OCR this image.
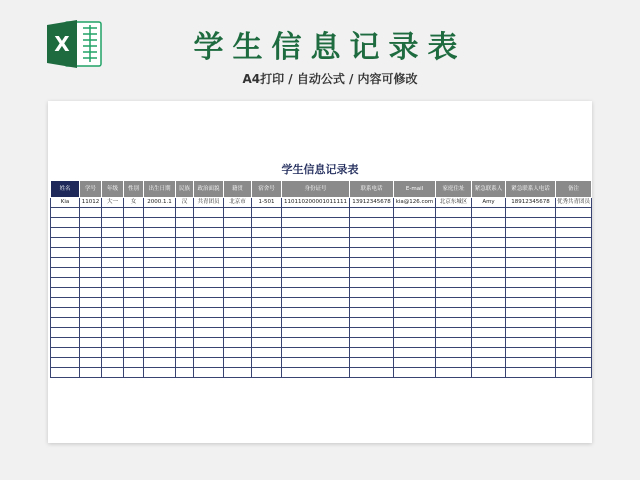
X	学生信息记录表
A4打印 / 自动公式 / 内容可修改
学生信息记录表
姓名	学号	年级	性别	出生日期	民族	政治面貌	籍贯	宿舍号	身份证号	联系电话	E-mail	家庭住址	紧急联系人	紧急联系人电话	备注
Kia	11012	大一	女	2000.1.1	汉	共青团员	北京市	1-501	110110200001011111	13912345678	kia@126.com	北京东城区	Amy	18912345678	优秀共青团员
